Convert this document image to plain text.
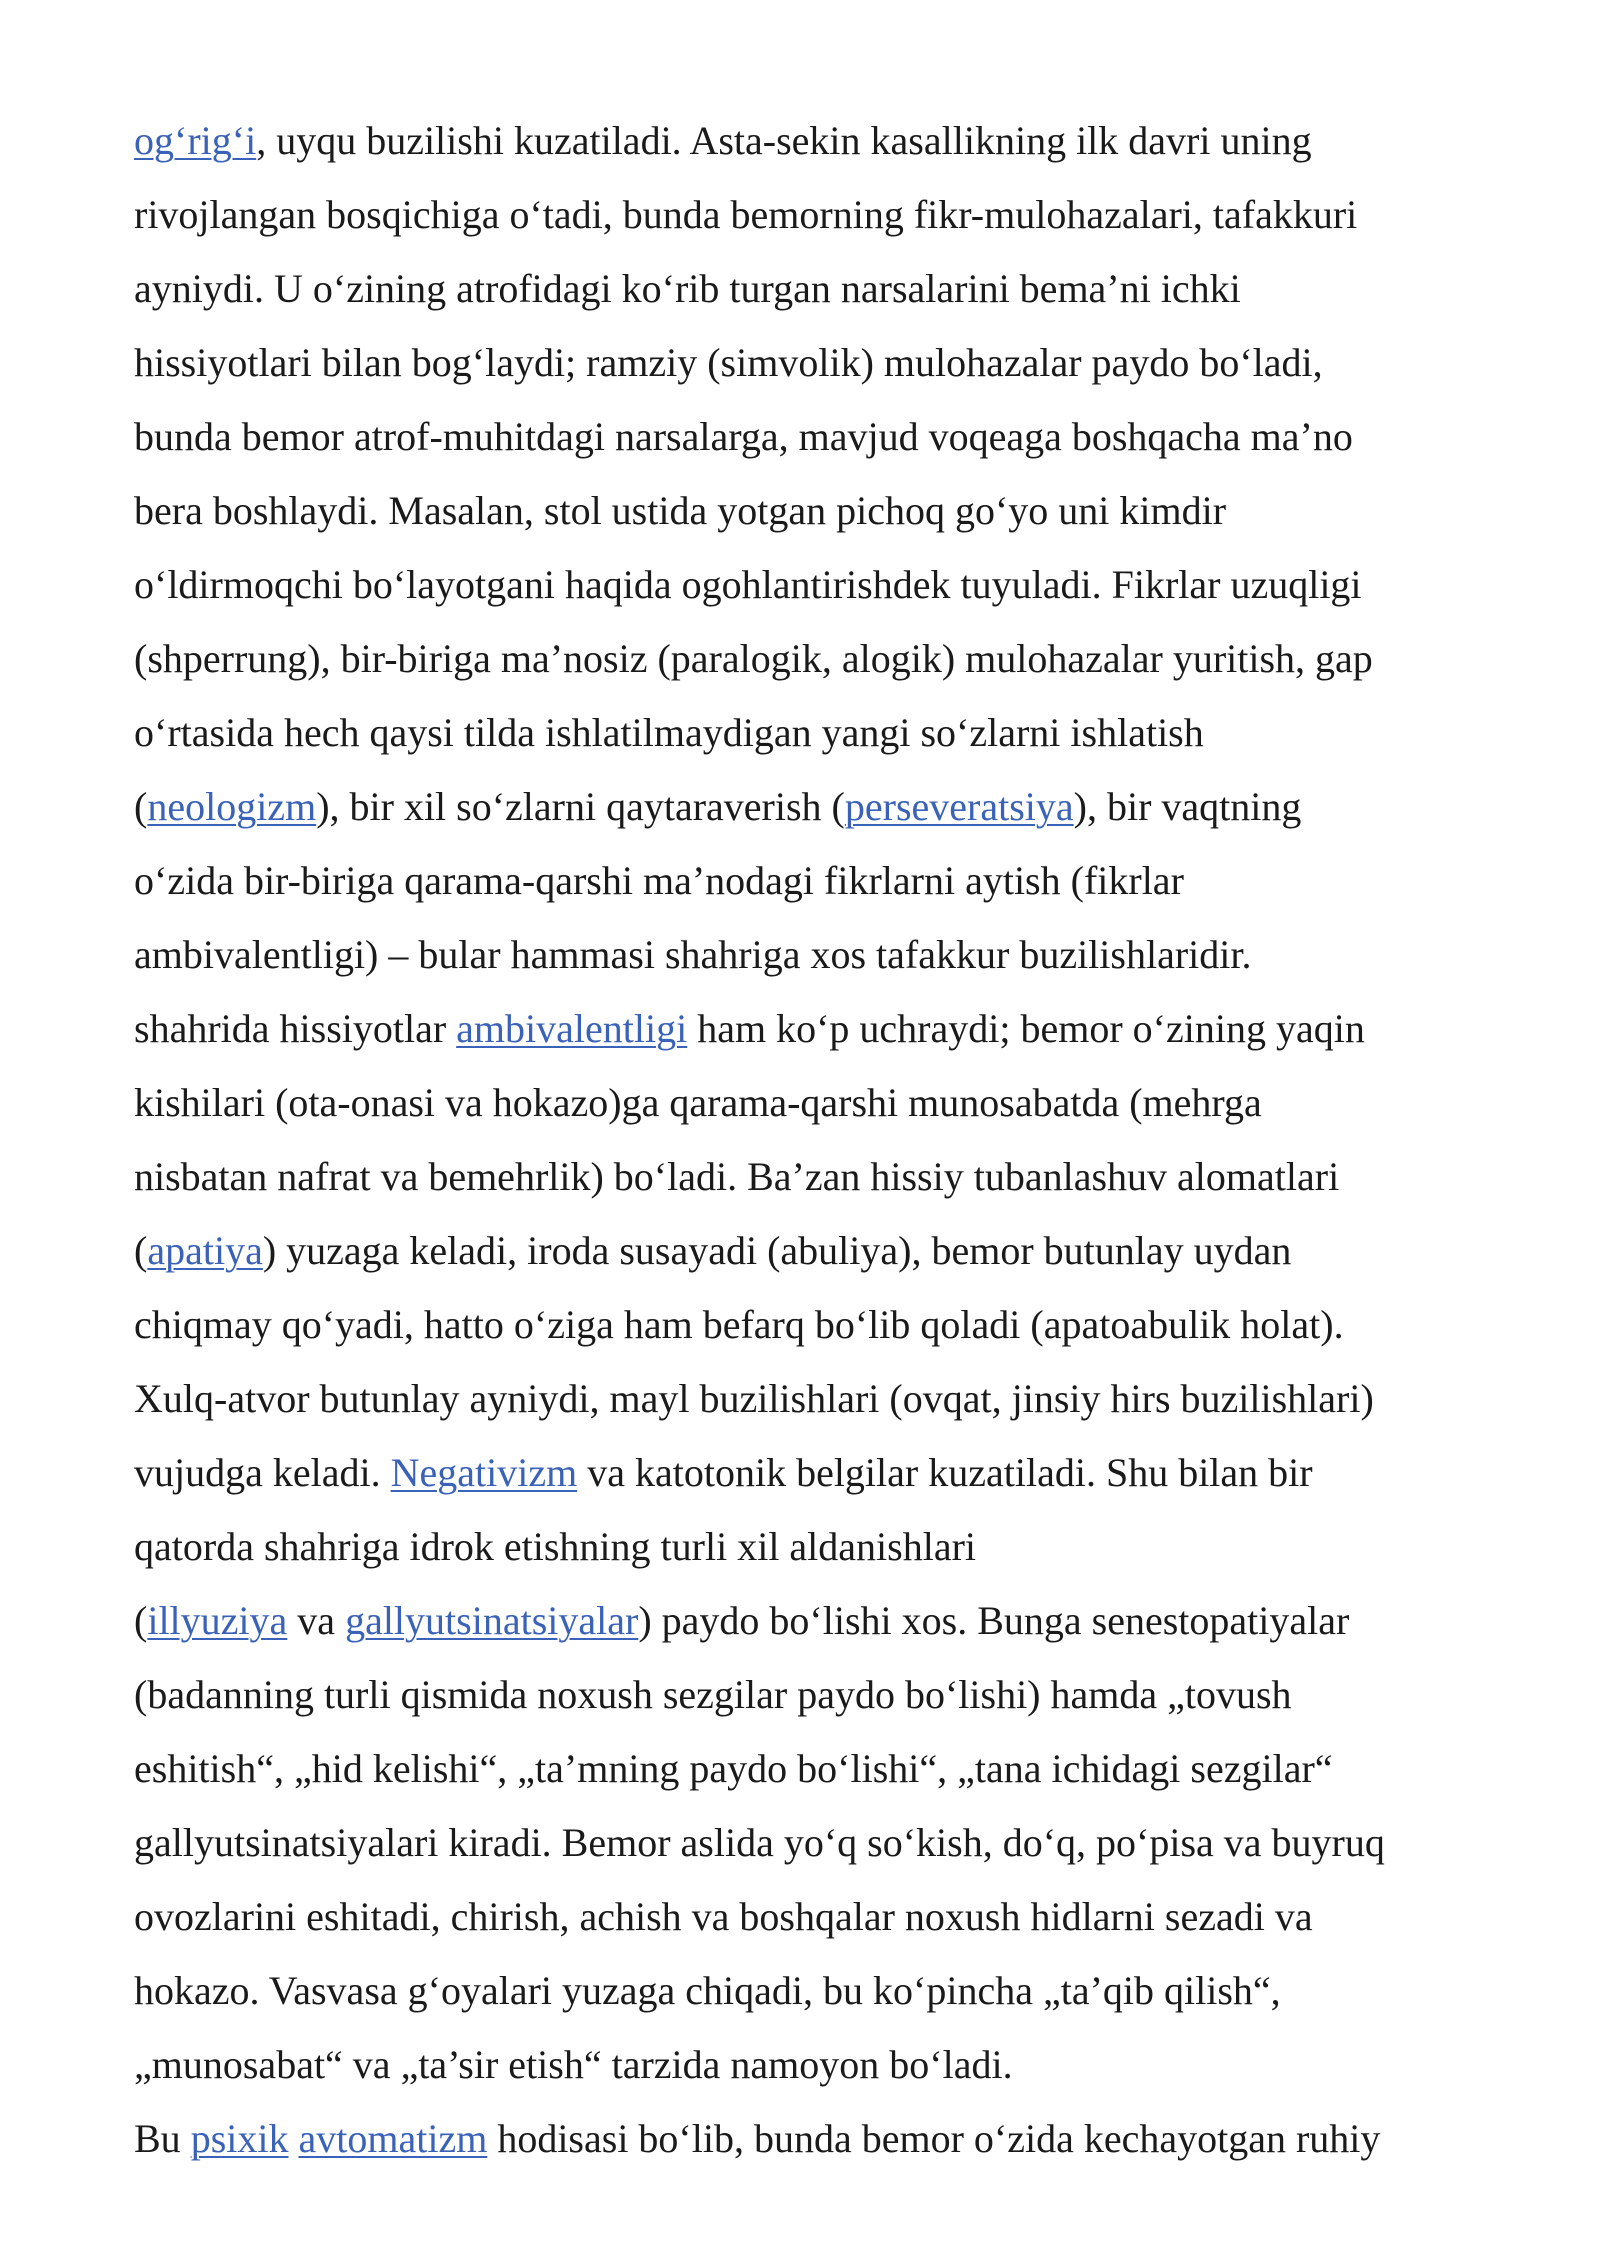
og‘rig‘i, uyqu buzilishi kuzatiladi. Asta-sekin kasallikning ilk davri uning
rivojlangan bosqichiga o‘tadi, bunda bemorning fikr-mulohazalari, tafakkuri
ayniydi. U o‘zining atrofidagi ko‘rib turgan narsalarini bema’ni ichki
hissiyotlari bilan bog‘laydi; ramziy (simvolik) mulohazalar paydo bo‘ladi,
bunda bemor atrof-muhitdagi narsalarga, mavjud voqeaga boshqacha ma’no
bera boshlaydi. Masalan, stol ustida yotgan pichoq go‘yo uni kimdir
o‘ldirmoqchi bo‘layotgani haqida ogohlantirishdek tuyuladi. Fikrlar uzuqligi
(shperrung), bir-biriga ma’nosiz (paralogik, alogik) mulohazalar yuritish, gap
o‘rtasida hech qaysi tilda ishlatilmaydigan yangi so‘zlarni ishlatish
(neologizm), bir xil so‘zlarni qaytaraverish (perseveratsiya), bir vaqtning
o‘zida bir-biriga qarama-qarshi ma’nodagi fikrlarni aytish (fikrlar
ambivalentligi) – bular hammasi shahriga xos tafakkur buzilishlaridir.
shahrida hissiyotlar ambivalentligi ham ko‘p uchraydi; bemor o‘zining yaqin
kishilari (ota-onasi va hokazo)ga qarama-qarshi munosabatda (mehrga
nisbatan nafrat va bemehrlik) bo‘ladi. Ba’zan hissiy tubanlashuv alomatlari
(apatiya) yuzaga keladi, iroda susayadi (abuliya), bemor butunlay uydan
chiqmay qo‘yadi, hatto o‘ziga ham befarq bo‘lib qoladi (apatoabulik holat).
Xulq-atvor butunlay ayniydi, mayl buzilishlari (ovqat, jinsiy hirs buzilishlari)
vujudga keladi. Negativizm va katotonik belgilar kuzatiladi. Shu bilan bir
qatorda shahriga idrok etishning turli xil aldanishlari
(illyuziya va gallyutsinatsiyalar) paydo bo‘lishi xos. Bunga senestopatiyalar
(badanning turli qismida noxush sezgilar paydo bo‘lishi) hamda „tovush
eshitish“, „hid kelishi“, „ta’mning paydo bo‘lishi“, „tana ichidagi sezgilar“
gallyutsinatsiyalari kiradi. Bemor aslida yo‘q so‘kish, do‘q, po‘pisa va buyruq
ovozlarini eshitadi, chirish, achish va boshqalar noxush hidlarni sezadi va
hokazo. Vasvasa g‘oyalari yuzaga chiqadi, bu ko‘pincha „ta’qib qilish“,
„munosabat“ va „ta’sir etish“ tarzida namoyon bo‘ladi.
Bu psixik avtomatizm hodisasi bo‘lib, bunda bemor o‘zida kechayotgan ruhiy
